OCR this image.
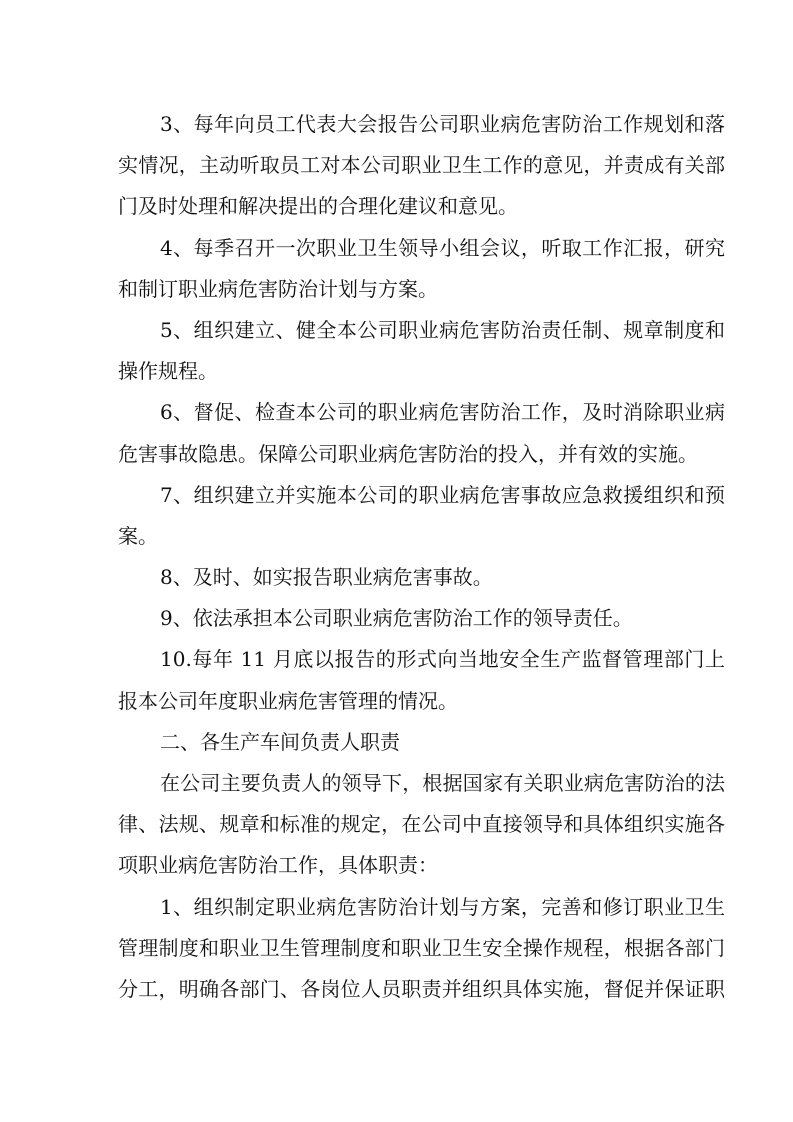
3、每年向员工代表大会报告公司职业病危害防治工作规划和落
实情况，主动听取员工对本公司职业卫生工作的意见，并责成有关部
门及时处理和解决提出的合理化建议和意见。
4、每季召开一次职业卫生领导小组会议，听取工作汇报，研究
和制订职业病危害防治计划与方案。
5、组织建立、健全本公司职业病危害防治责任制、规章制度和
操作规程。
6、督促、检查本公司的职业病危害防治工作，及时消除职业病
危害事故隐患。保障公司职业病危害防治的投入，并有效的实施。
7、组织建立并实施本公司的职业病危害事故应急救援组织和预
案。
8、及时、如实报告职业病危害事故。
9、依法承担本公司职业病危害防治工作的领导责任。
10.每年 11 月底以报告的形式向当地安全生产监督管理部门上
报本公司年度职业病危害管理的情况。
二、各生产车间负责人职责
在公司主要负责人的领导下，根据国家有关职业病危害防治的法
律、法规、规章和标准的规定，在公司中直接领导和具体组织实施各
项职业病危害防治工作，具体职责：
1、组织制定职业病危害防治计划与方案，完善和修订职业卫生
管理制度和职业卫生管理制度和职业卫生安全操作规程，根据各部门
分工，明确各部门、各岗位人员职责并组织具体实施，督促并保证职
